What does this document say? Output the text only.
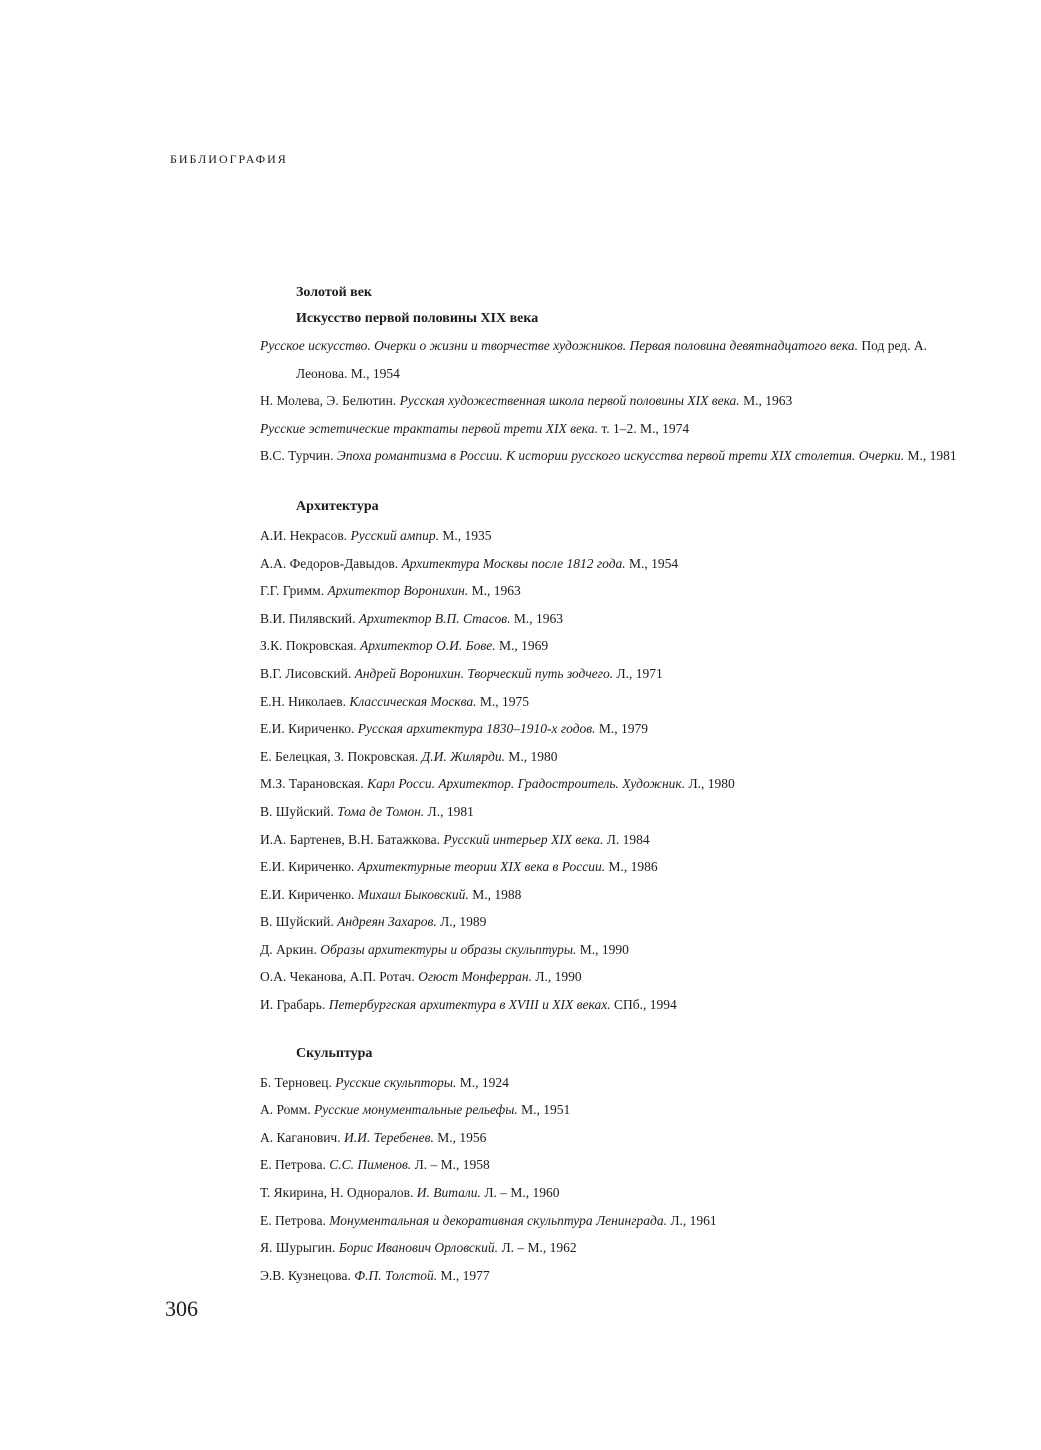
БИБЛИОГРАФИЯ
Золотой век
Искусство первой половины XIX века
Русское искусство. Очерки о жизни и творчестве художников. Первая половина девятнадцатого века. Под ред. А. Леонова. М., 1954
Н. Молева, Э. Белютин. Русская художественная школа первой половины XIX века. М., 1963
Русские эстетические трактаты первой трети XIX века. т. 1–2. М., 1974
В.С. Турчин. Эпоха романтизма в России. К истории русского искусства первой трети XIX столетия. Очерки. М., 1981
Архитектура
А.И. Некрасов. Русский ампир. М., 1935
А.А. Федоров-Давыдов. Архитектура Москвы после 1812 года. М., 1954
Г.Г. Гримм. Архитектор Воронихин. М., 1963
В.И. Пилявский. Архитектор В.П. Стасов. М., 1963
З.К. Покровская. Архитектор О.И. Бове. М., 1969
В.Г. Лисовский. Андрей Воронихин. Творческий путь зодчего. Л., 1971
Е.Н. Николаев. Классическая Москва. М., 1975
Е.И. Кириченко. Русская архитектура 1830–1910-х годов. М., 1979
Е. Белецкая, З. Покровская. Д.И. Жилярди. М., 1980
М.З. Тарановская. Карл Росси. Архитектор. Градостроитель. Художник. Л., 1980
В. Шуйский. Тома де Томон. Л., 1981
И.А. Бартенев, В.Н. Батажкова. Русский интерьер XIX века. Л. 1984
Е.И. Кириченко. Архитектурные теории XIX века в России. М., 1986
Е.И. Кириченко. Михаил Быковский. М., 1988
В. Шуйский. Андреян Захаров. Л., 1989
Д. Аркин. Образы архитектуры и образы скульптуры. М., 1990
О.А. Чеканова, А.П. Ротач. Огюст Монферран. Л., 1990
И. Грабарь. Петербургская архитектура в XVIII и XIX веках. СПб., 1994
Скульптура
Б. Терновец. Русские скульпторы. М., 1924
А. Ромм. Русские монументальные рельефы. М., 1951
А. Каганович. И.И. Теребенев. М., 1956
Е. Петрова. С.С. Пименов. Л. – М., 1958
Т. Якирина, Н. Одноралов. И. Витали. Л. – М., 1960
Е. Петрова. Монументальная и декоративная скульптура Ленинграда. Л., 1961
Я. Шурыгин. Борис Иванович Орловский. Л. – М., 1962
Э.В. Кузнецова. Ф.П. Толстой. М., 1977
306
